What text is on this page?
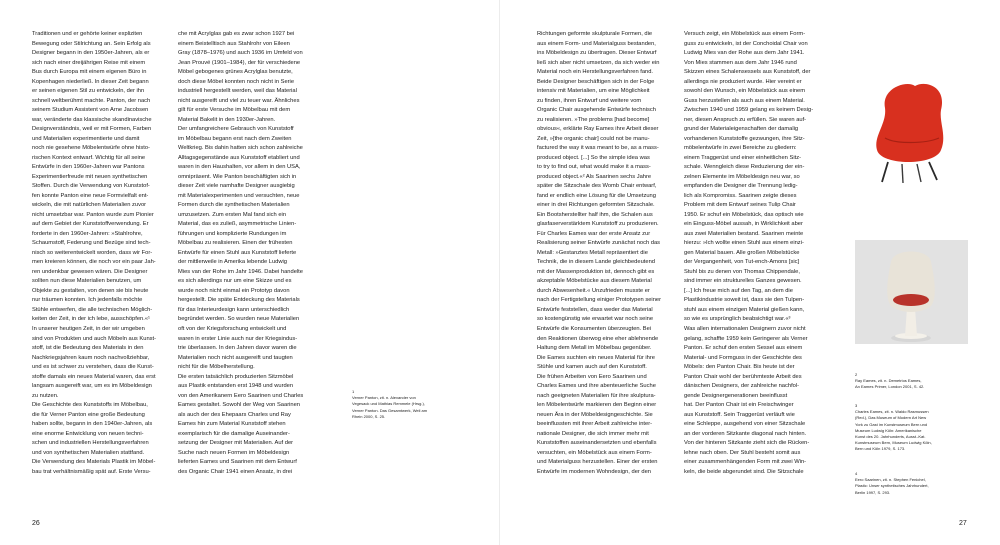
Traditionen und er gehörte keiner expliziten

Bewegung oder Stilrichtung an. Sein Erfolg als

Designer begann in den 1950er-Jahren, als er

sich nach einer dreijährigen Reise mit einem

Bus durch Europa mit einem eigenen Büro in

Kopenhagen niederließ. In dieser Zeit begann

er seinen eigenen Stil zu entwickeln, der ihn

schnell weltberühmt machte. Panton, der nach

seinem Studium Assistent von Arne Jacobsen

war, veränderte das klassische skandinavische

Designverständnis, weil er mit Formen, Farben

und Materialien experimentierte und damit

noch nie gesehene Möbelentwürfe ohne histo-

rischen Kontext entwarf. Wichtig für all seine

Entwürfe in den 1960er-Jahren war Pantons

Experimentierfreude mit neuen synthetischen

Stoffen. Durch die Verwendung von Kunststof-

fen konnte Panton eine neue Formvielfalt ent-

wickeln, die mit natürlichen Materialien zuvor

nicht umsetzbar war. Panton wurde zum Pionier

auf dem Gebiet der Kunststoffverwendung. Er

forderte in den 1960er-Jahren: »Stahlrohre,

Schaumstoff, Federung und Bezüge sind tech-

nisch so weiterentwickelt worden, dass wir For-

men kreieren können, die noch vor ein paar Jah-

ren undenkbar gewesen wären. Die Designer

sollten nun diese Materialien benutzen, um

Objekte zu gestalten, von denen sie bis heute

nur träumen konnten. Ich jedenfalls möchte

Stühle entwerfen, die alle technischen Möglich-

keiten der Zeit, in der ich lebe, ausschöpfen.«¹

In unserer heutigen Zeit, in der wir umgeben

sind von Produkten und auch Möbeln aus Kunst-

stoff, ist die Bedeutung des Materials in den

Nachkriegsjahren kaum noch nachvollziehbar,

und es ist schwer zu verstehen, dass die Kunst-

stoffe damals ein neues Material waren, das erst

langsam ausgereift war, um es im Möbeldesign

zu nutzen.

Die Geschichte des Kunststoffs im Möbelbau,

die für Verner Panton eine große Bedeutung

haben sollte, begann in den 1940er-Jahren, als

eine enorme Entwicklung von neuen techni-

schen und industriellen Herstellungsverfahren

und von synthetischen Materialien stattfand.

Die Verwendung des Materials Plastik im Möbel-

bau trat verhältnismäßig spät auf. Erste Versu-

che mit Acrylglas gab es zwar schon 1927 bei

einem Beistelltisch aus Stahlrohr von Eileen

Gray (1878–1976) und auch 1936 im Umfeld von

Jean Prouvé (1901–1984), der für verschiedene

Möbel gebogenes grünes Acrylglas benutzte,

doch diese Möbel konnten noch nicht in Serie

industriell hergestellt werden, weil das Material

nicht ausgereift und viel zu teuer war. Ähnliches

gilt für erste Versuche im Möbelbau mit dem

Material Bakelit in den 1930er-Jahren.

Der umfangreichere Gebrauch von Kunststoff

im Möbelbau begann erst nach dem Zweiten

Weltkrieg. Bis dahin hatten sich schon zahlreiche

Alltagsgegenstände aus Kunststoff etabliert und

waren in den Haushalten, vor allem in den USA,

omnipräsent. Wie Panton beschäftigten sich in

dieser Zeit viele namhafte Designer ausgiebig

mit Materialexperimenten und versuchten, neue

Formen durch die synthetischen Materialien

umzusetzen. Zum ersten Mal fand sich ein

Material, das es zuließ, asymmetrische Linien-

führungen und komplizierte Rundungen im

Möbelbau zu realisieren. Einen der frühesten

Entwürfe für einen Stuhl aus Kunststoff lieferte

der mittlerweile in Amerika lebende Ludwig

Mies van der Rohe im Jahr 1946. Dabei handelte

es sich allerdings nur um eine Skizze und es

wurde noch nicht einmal ein Prototyp davon

hergestellt. Die späte Entdeckung des Materials

für das Interieurdesign kann unterschiedlich

begründet werden. So wurden neue Materialien

oft von der Kriegsforschung entwickelt und

waren in erster Linie auch nur der Kriegsindus-

trie überlassen. In den Jahren davor waren die

Materialien noch nicht ausgereift und taugten

nicht für die Möbelherstellung.

Die ersten tatsächlich produzierten Sitzmöbel

aus Plastik entstanden erst 1948 und wurden

von den Amerikanern Eero Saarinen und Charles

Eames gestaltet. Sowohl der Weg von Saarinen

als auch der des Ehepaars Charles und Ray

Eames hin zum Material Kunststoff stehen

exemplarisch für die damalige Auseinander-

setzung der Designer mit Materialien. Auf der

Suche nach neuen Formen im Möbeldesign

lieferten Eames und Saarinen mit dem Entwurf

des Organic Chair 1941 einen Ansatz, in drei

1

Verner Panton, zit. n. Alexander von

Vegesack und Mathias Remmele (Hrsg.),

Verner Panton. Das Gesamtwerk, Weil am

Rhein 2000, S. 25.

26

Richtungen geformte skulpturale Formen, die

aus einem Form- und Materialguss bestanden,

ins Möbeldesign zu übertragen. Dieser Entwurf

ließ sich aber nicht umsetzen, da sich weder ein

Material noch ein Herstellungsverfahren fand.

Beide Designer beschäftigen sich in der Folge

intensiv mit Materialien, um eine Möglichkeit

zu finden, ihren Entwurf und weitere vom

Organic Chair ausgehende Entwürfe technisch

zu realisieren. »The problems [had become]

obvious«, erklärte Ray Eames ihre Arbeit dieser

Zeit, »[the organic chair] could not be manu-

factured the way it was meant to be, as a mass-

produced object. [...] So the simple idea was

to try to find out, what would make it a mass-

produced object.«² Als Saarinen sechs Jahre

später die Sitzschale des Womb Chair entwarf,

fand er endlich eine Lösung für die Umsetzung

einer in drei Richtungen geformten Sitzschale.

Ein Bootsherstellter half ihm, die Schalen aus

glasfaserverstärktem Kunststoff zu produzieren.

Für Charles Eames war der erste Ansatz zur

Realisierung seiner Entwürfe zunächst noch das

Metall: »Gestanztes Metall repräsentiert die

Technik, die in diesem Lande gleichbedeutend

mit der Massenproduktion ist, dennoch gibt es

akzeptable Möbelstücke aus diesem Material

durch Abwesenheit.« Unzufrieden musste er

nach der Fertigstellung einiger Prototypen seiner

Entwürfe feststellen, dass weder das Material

so kostengünstig wie erwartet war noch seine

Entwürfe die Konsumenten überzeugten. Bei

den Reaktionen überwog eine eher ablehnende

Haltung dem Metall im Möbelbau gegenüber.

Die Eames suchten ein neues Material für ihre

Stühle und kamen auch auf den Kunststoff.

Die frühen Arbeiten von Eero Saarinen und

Charles Eames und ihre abenteuerliche Suche

nach geeigneten Materialien für ihre skulptura-

len Möbelentwürfe markieren den Beginn einer

neuen Ära in der Möbeldesigngeschichte. Sie

beeinflussten mit ihrer Arbeit zahlreiche inter-

nationale Designer, die sich immer mehr mit

Kunststoffen auseinandersetzten und ebenfalls

versuchten, ein Möbelstück aus einem Form-

und Materialguss herzustellen. Einer der ersten

Entwürfe im modernen Wohndesign, der den

Versuch zeigt, ein Möbelstück aus einem Form-

guss zu entwickeln, ist der Conchoidal Chair von

Ludwig Mies van der Rohe aus dem Jahr 1941.

Von Mies stammen aus dem Jahr 1946 rund

Skizzen eines Schalensessels aus Kunststoff, der

allerdings nie produziert wurde. Hier vereint er

sowohl den Wunsch, ein Möbelstück aus einem

Guss herzustellen als auch aus einem Material.

Zwischen 1940 und 1959 gelang es keinem Desig-

ner, diesen Anspruch zu erfüllen. Sie waren auf-

grund der Materialeigenschaften der damalig

vorhandenen Kunststoffe gezwungen, ihre Sitz-

möbelentwürfe in zwei Bereiche zu gliedern:

einem Traggerüst und einer einheitlichen Sitz-

schale. Wenngleich diese Reduzierung der ein-

zelnen Elemente im Möbeldesign neu war, so

empfanden die Designer die Trennung ledig-

lich als Kompromiss. Saarinen zeigte dieses

Problem mit dem Entwurf seines Tulip Chair

1950. Er schuf ein Möbelstück, das optisch wie

ein Einguss-Möbel aussah, in Wirklichkeit aber

aus zwei Materialien bestand. Saarinen meinte

hierzu: »Ich wollte einen Stuhl aus einem einzi-

gen Material bauen. Alle großen Möbelstücke

der Vergangenheit, von Tut-ench-Amons [sic]

Stuhl bis zu denen von Thomas Chippendale,

sind immer ein strukturelles Ganzes gewesen.

[...] Ich freue mich auf den Tag, an dem die

Plastikindustrie soweit ist, dass sie den Tulpen-

stuhl aus einem einzigen Material gießen kann,

so wie es ursprünglich beabsichtigt war.«³

Was allen internationalen Designern zuvor nicht

gelang, schaffte 1959 kein Geringerer als Verner

Panton. Er schuf den ersten Sessel aus einem

Material- und Formguss in der Geschichte des

Möbels: den Panton Chair. Bis heute ist der

Panton Chair wohl der berühmteste Arbeit des

dänischen Designers, der zahlreiche nachfol-

gende Designergenerationen beeinflusst

hat. Der Panton Chair ist ein Freischwinger

aus Kunststoff. Sein Traggerüst verläuft wie

eine Schleppe, ausgehend von einer Sitzschale

an der vorderen Sitzkante diagonal nach hinten.

Von der hinteren Sitzkante zieht sich die Rücken-

lehne nach oben. Der Stuhl besteht somit aus

einer zusammenhängenden Form mit zwei Win-

keln, die beide abgerundet sind. Die Sitzschale

2

Ray Eames, zit. n. Demetrios Eames,

An Eames Primer, London 2001, S. 42.

3

Charles Eames, zit. n. Waldo Rasmussen

(Red.), Das Museum of Modern Art New

York zu Gast im Kunstmuseum Bern und

Museum Ludwig Köln: Amerikanische

Kunst des 20. Jahrhunderts, Ausst.-Kat.

Kunstmuseum Bern, Museum Ludwig Köln,

Bern und Köln 1979, S. 173.

4

Eero Saarinen, zit. n. Stephen Fenichel,

Plastic: Unser synthetisches Jahrhundert,

Berlin 1997, S. 293.

27
